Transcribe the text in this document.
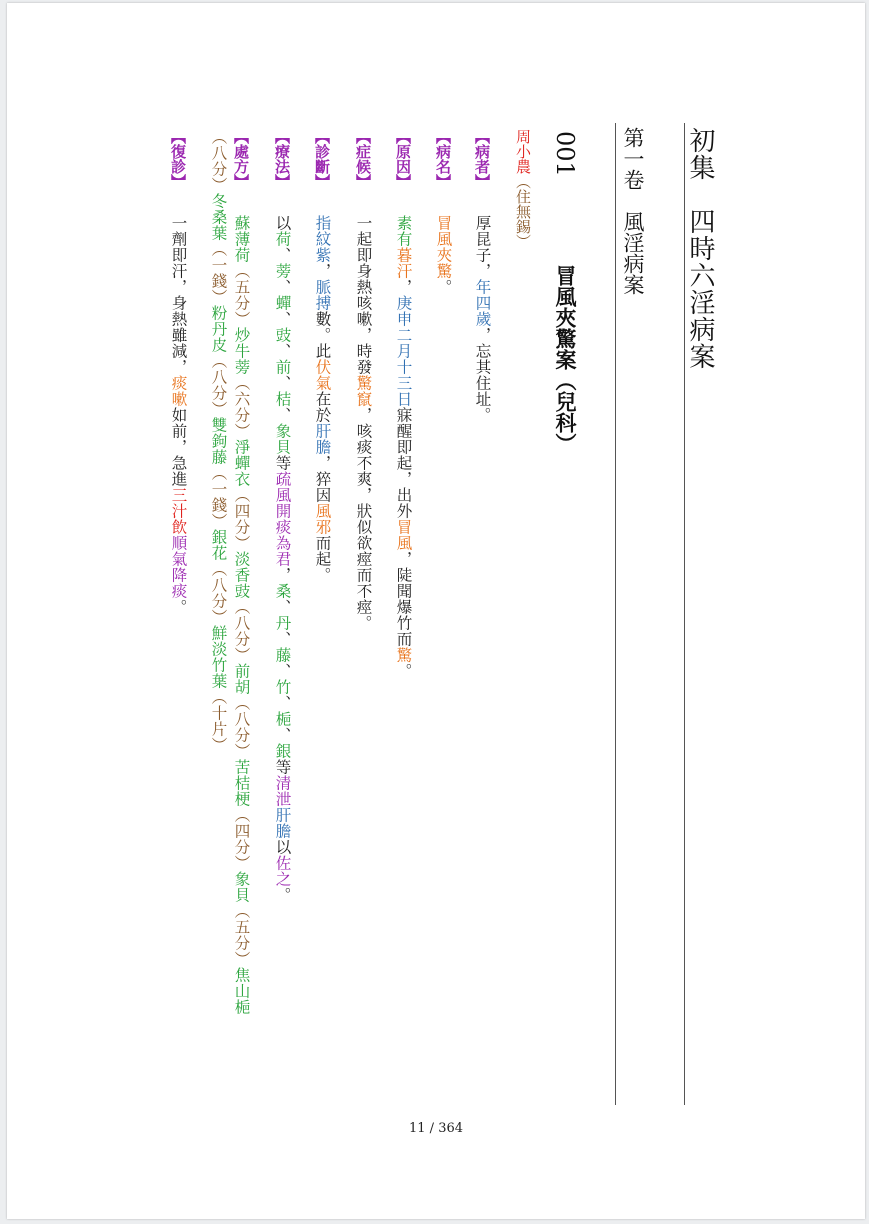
初集　四時六淫病案
第一卷　風淫病案
001
冒風夾驚案（兒科）
周小農（住無錫）
【病者】
厚昆子，年四歲，忘其住址。
【病名】
冒風夾驚。
【原因】
素有暮汗，庚申二月十三日寐醒即起，出外冒風，陡聞爆竹而驚。
【症候】
一起即身熱咳嗽，時發驚竄，咳痰不爽，狀似欲痙而不痙。
【診斷】
指紋紫，脈搏數。此伏氣在於肝膽，猝因風邪而起。
【療法】
以荷、蒡、蟬、豉、前、桔、象貝等疏風開痰為君，桑、丹、藤、竹、梔、銀等清泄肝膽以佐之。
【處方】
蘇薄荷（五分）炒牛蒡（六分）淨蟬衣（四分）淡香豉（八分）前胡（八分）苦桔梗（四分）象貝（五分）焦山梔
（八分）冬桑葉（一錢）粉丹皮（八分）雙鉤藤（一錢）銀花（八分）鮮淡竹葉（十片）
【復診】
一劑即汗，身熱雖減，痰嗽如前，急進三汁飲順氣降痰。
11 / 364
